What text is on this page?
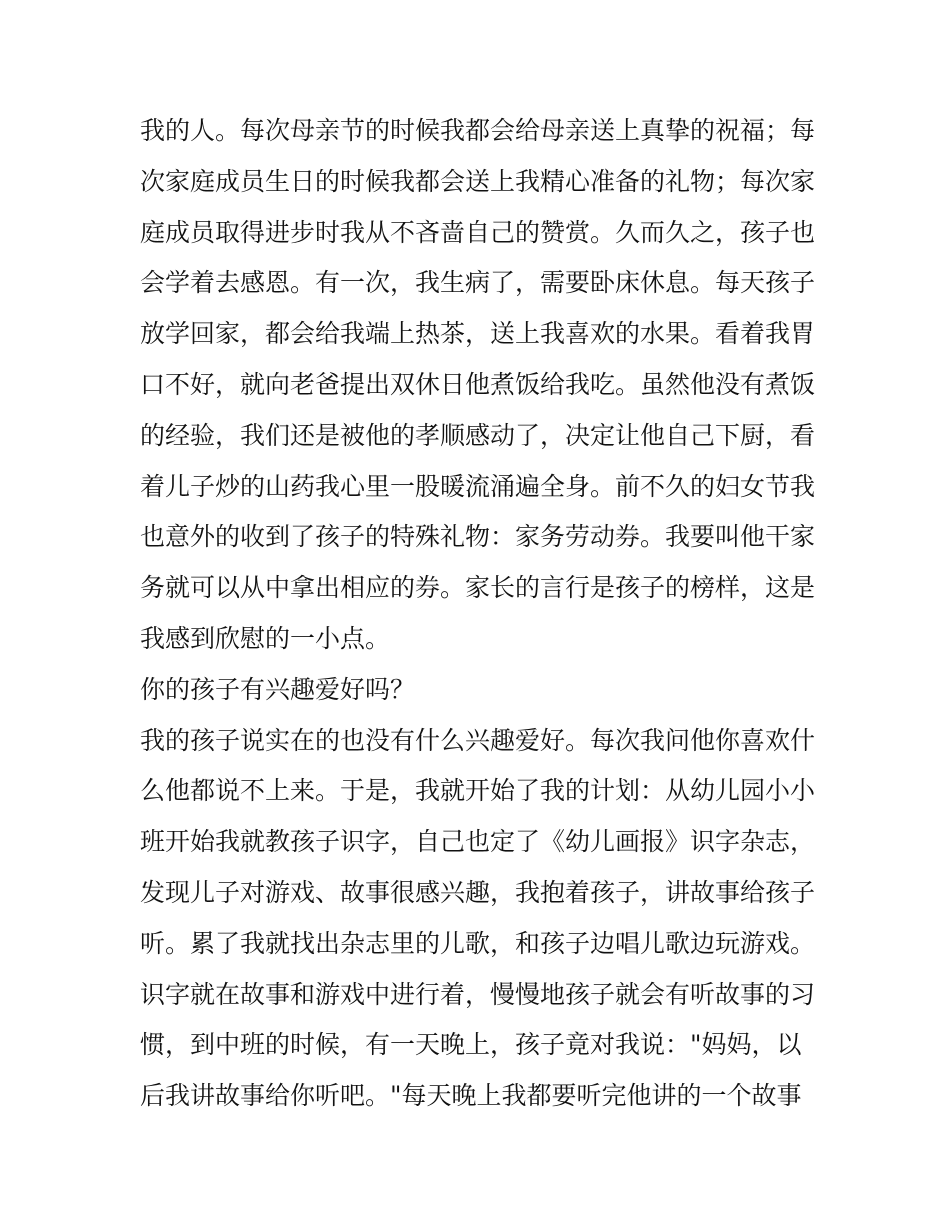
我的人。每次母亲节的时候我都会给母亲送上真挚的祝福；每
次家庭成员生日的时候我都会送上我精心准备的礼物；每次家
庭成员取得进步时我从不吝啬自己的赞赏。久而久之，孩子也
会学着去感恩。有一次，我生病了，需要卧床休息。每天孩子
放学回家，都会给我端上热茶，送上我喜欢的水果。看着我胃
口不好，就向老爸提出双休日他煮饭给我吃。虽然他没有煮饭
的经验，我们还是被他的孝顺感动了，决定让他自己下厨，看
着儿子炒的山药我心里一股暖流涌遍全身。前不久的妇女节我
也意外的收到了孩子的特殊礼物：家务劳动券。我要叫他干家
务就可以从中拿出相应的券。家长的言行是孩子的榜样，这是
我感到欣慰的一小点。
你的孩子有兴趣爱好吗？
我的孩子说实在的也没有什么兴趣爱好。每次我问他你喜欢什
么他都说不上来。于是，我就开始了我的计划：从幼儿园小小
班开始我就教孩子识字，自己也定了《幼儿画报》识字杂志，
发现儿子对游戏、故事很感兴趣，我抱着孩子，讲故事给孩子
听。累了我就找出杂志里的儿歌，和孩子边唱儿歌边玩游戏。
识字就在故事和游戏中进行着，慢慢地孩子就会有听故事的习
惯，到中班的时候，有一天晚上，孩子竟对我说："妈妈，以
后我讲故事给你听吧。"每天晚上我都要听完他讲的一个故事
